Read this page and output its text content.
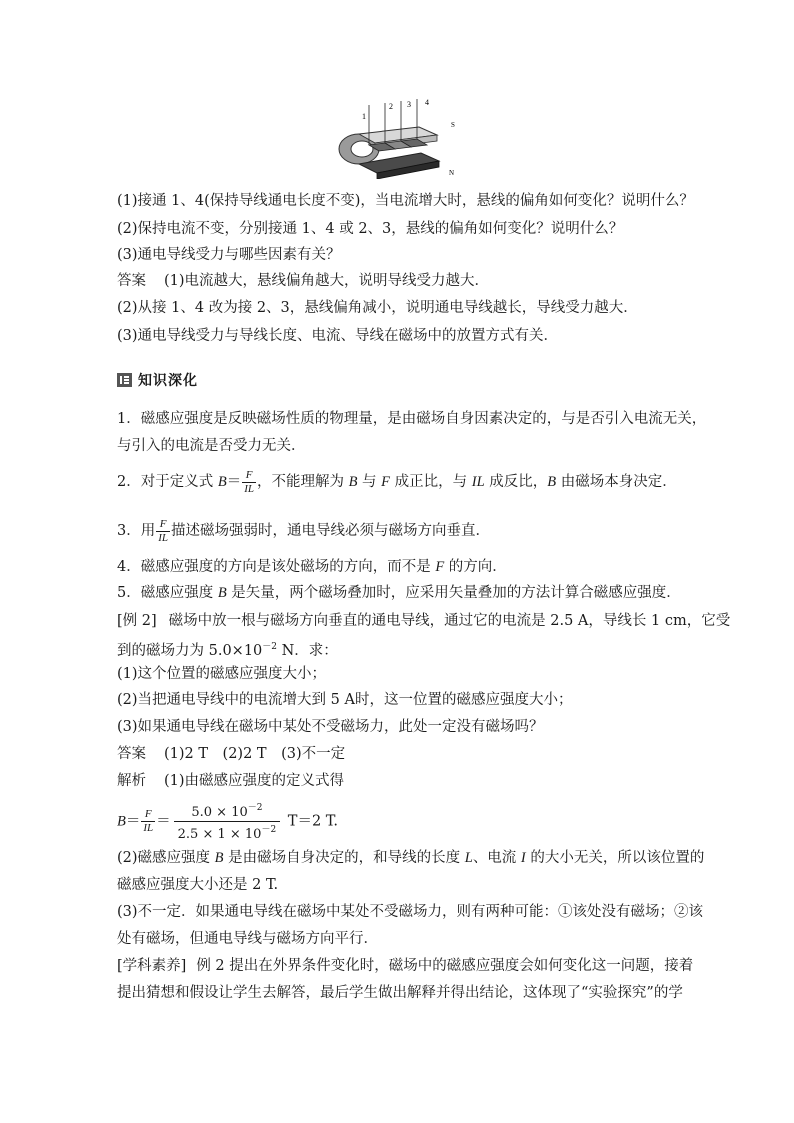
1
2 3 4
S
N
(1)接通 1、4(保持导线通电长度不变)，当电流增大时，悬线的偏角如何变化？说明什么？
(2)保持电流不变，分别接通 1、4 或 2、3，悬线的偏角如何变化？说明什么？
(3)通电导线受力与哪些因素有关？
答案 (1)电流越大，悬线偏角越大，说明导线受力越大．
(2)从接 1、4 改为接 2、3，悬线偏角减小，说明通电导线越长，导线受力越大．
(3)通电导线受力与导线长度、电流、导线在磁场中的放置方式有关．
知识深化
1．磁感应强度是反映磁场性质的物理量，是由磁场自身因素决定的，与是否引入电流无关，
与引入的电流是否受力无关．
2．对于定义式 $B= \frac{F}{IL}$ ，不能理解为 B 与 F 成正比，与 IL 成反比，B 由磁场本身决定．
3．用 $\frac{F}{IL}$ 描述磁场强弱时，通电导线必须与磁场方向垂直．
4．磁感应强度的方向是该处磁场的方向，而不是 F 的方向．
5．磁感应强度 B 是矢量，两个磁场叠加时，应采用矢量叠加的方法计算合磁感应强度．
[例 2] 磁场中放一根与磁场方向垂直的通电导线，通过它的电流是 2.5 A，导线长 1 cm，它受
到的磁场力为 $5.0\times 10^{-2}$ N．求：
(1)这个位置的磁感应强度大小；
(2)当把通电导线中的电流增大到 5 A时，这一位置的磁感应强度大小；
(3)如果通电导线在磁场中某处不受磁场力，此处一定没有磁场吗？
答案 (1)2 T　(2)2 T　(3)不一定
解析 (1)由磁感应强度的定义式得
$B= \frac{F}{IL} = \frac{5.0 \times 10^{-2}}{2.5 \times 1 \times 10^{-2}} T=2$ T.
(2)磁感应强度 B 是由磁场自身决定的，和导线的长度 L、电流 I 的大小无关，所以该位置的
磁感应强度大小还是 2 T.
(3)不一定．如果通电导线在磁场中某处不受磁场力，则有两种可能：①该处没有磁场；②该
处有磁场，但通电导线与磁场方向平行．
[学科素养] 例 2 提出在外界条件变化时，磁场中的磁感应强度会如何变化这一问题，接着
提出猜想和假设让学生去解答，最后学生做出解释并得出结论，这体现了“实验探究”的学
